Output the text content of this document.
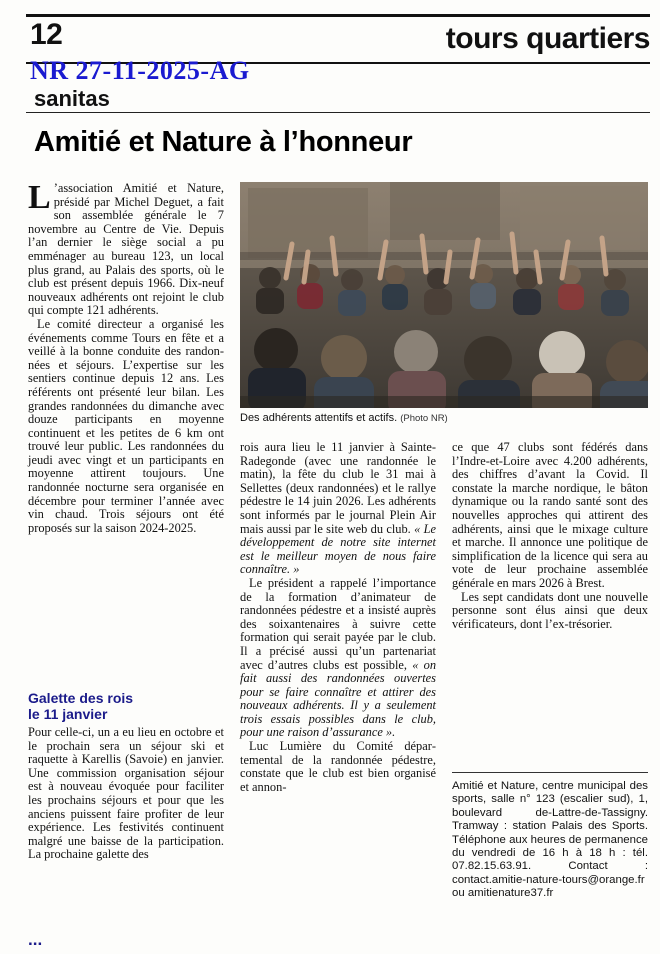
12	tours quartiers
NR 27-11-2025-AG
sanitas
Amitié et Nature à l’honneur
Des adhérents attentifs et actifs. (Photo NR)

L ’association Amitié et Nature, présidé par Michel Deguet, a fait son assemblée générale le 7 novembre au Centre de Vie. Depuis l’an dernier le siège social a pu emménager au bureau 123, un local plus grand, au Palais des sports, où le club est présent depuis 1966. Dix-neuf nouveaux adhérents ont rejoint le club qui compte 121 adhérents.

Le comité directeur a organisé les événements comme Tours en fête et a veillé à la bonne conduite des randonnées et séjours. L’expertise sur les sentiers continue depuis 12 ans. Les référents ont présenté leur bilan. Les grandes randonnées du dimanche avec douze participants en moyenne continuent et les petites de 6 km ont trouvé leur public. Les randonnées du jeudi avec vingt et un participants en moyenne attirent toujours. Une randonnée nocturne sera organisée en décembre pour terminer l’année avec vin chaud. Trois séjours ont été proposés sur la saison 2024-2025.

Galette des rois
le 11 janvier

Pour celle-ci, un a eu lieu en octobre et le prochain sera un séjour ski et raquette à Karellis (Savoie) en janvier. Une commission organisation séjour est à nouveau évoquée pour faciliter les prochains séjours et pour que les anciens puissent faire profiter de leur expérience. Les festivités continuent malgré une baisse de la participation. La prochaine galette des

rois aura lieu le 11 janvier à Sainte-Radegonde (avec une randonnée le matin), la fête du club le 31 mai à Sellettes (deux randonnées) et le rallye pédestre le 14 juin 2026. Les adhérents sont informés par le journal Plein Air mais aussi par le site web du club. « Le développement de notre site internet est le meilleur moyen de nous faire connaître. »

Le président a rappelé l’importance de la formation d’animateur de randonnées pédestre et a insisté auprès des soixantenaires à suivre cette formation qui serait payée par le club. Il a précisé aussi qu’un partenariat avec d’autres clubs est possible, « on fait aussi des randonnées ouvertes pour se faire connaître et attirer des nouveaux adhérents. Il y a seulement trois essais possibles dans le club, pour une raison d’assurance ».

Luc Lumière du Comité départemental de la randonnée pédestre, constate que le club est bien organisé et annon-

ce que 47 clubs sont fédérés dans l’Indre-et-Loire avec 4.200 adhérents, des chiffres d’avant la Covid. Il constate la marche nordique, le bâton dynamique ou la rando santé sont des nouvelles approches qui attirent des adhérents, ainsi que le mixage culture et marche. Il annonce une politique de simplification de la licence qui sera au vote de leur prochaine assemblée générale en mars 2026 à Brest.

Les sept candidats dont une nouvelle personne sont élus ainsi que deux vérificateurs, dont l’ex-trésorier.

Amitié et Nature, centre municipal des sports, salle n° 123 (escalier sud), 1, boulevard de-Lattre-de-Tassigny. Tramway : station Palais des Sports. Téléphone aux heures de permanence du vendredi de 16 h à 18 h : tél. 07.82.15.63.91. Contact : contact.amitie-nature-tours@orange.fr ou amitienature37.fr
...
